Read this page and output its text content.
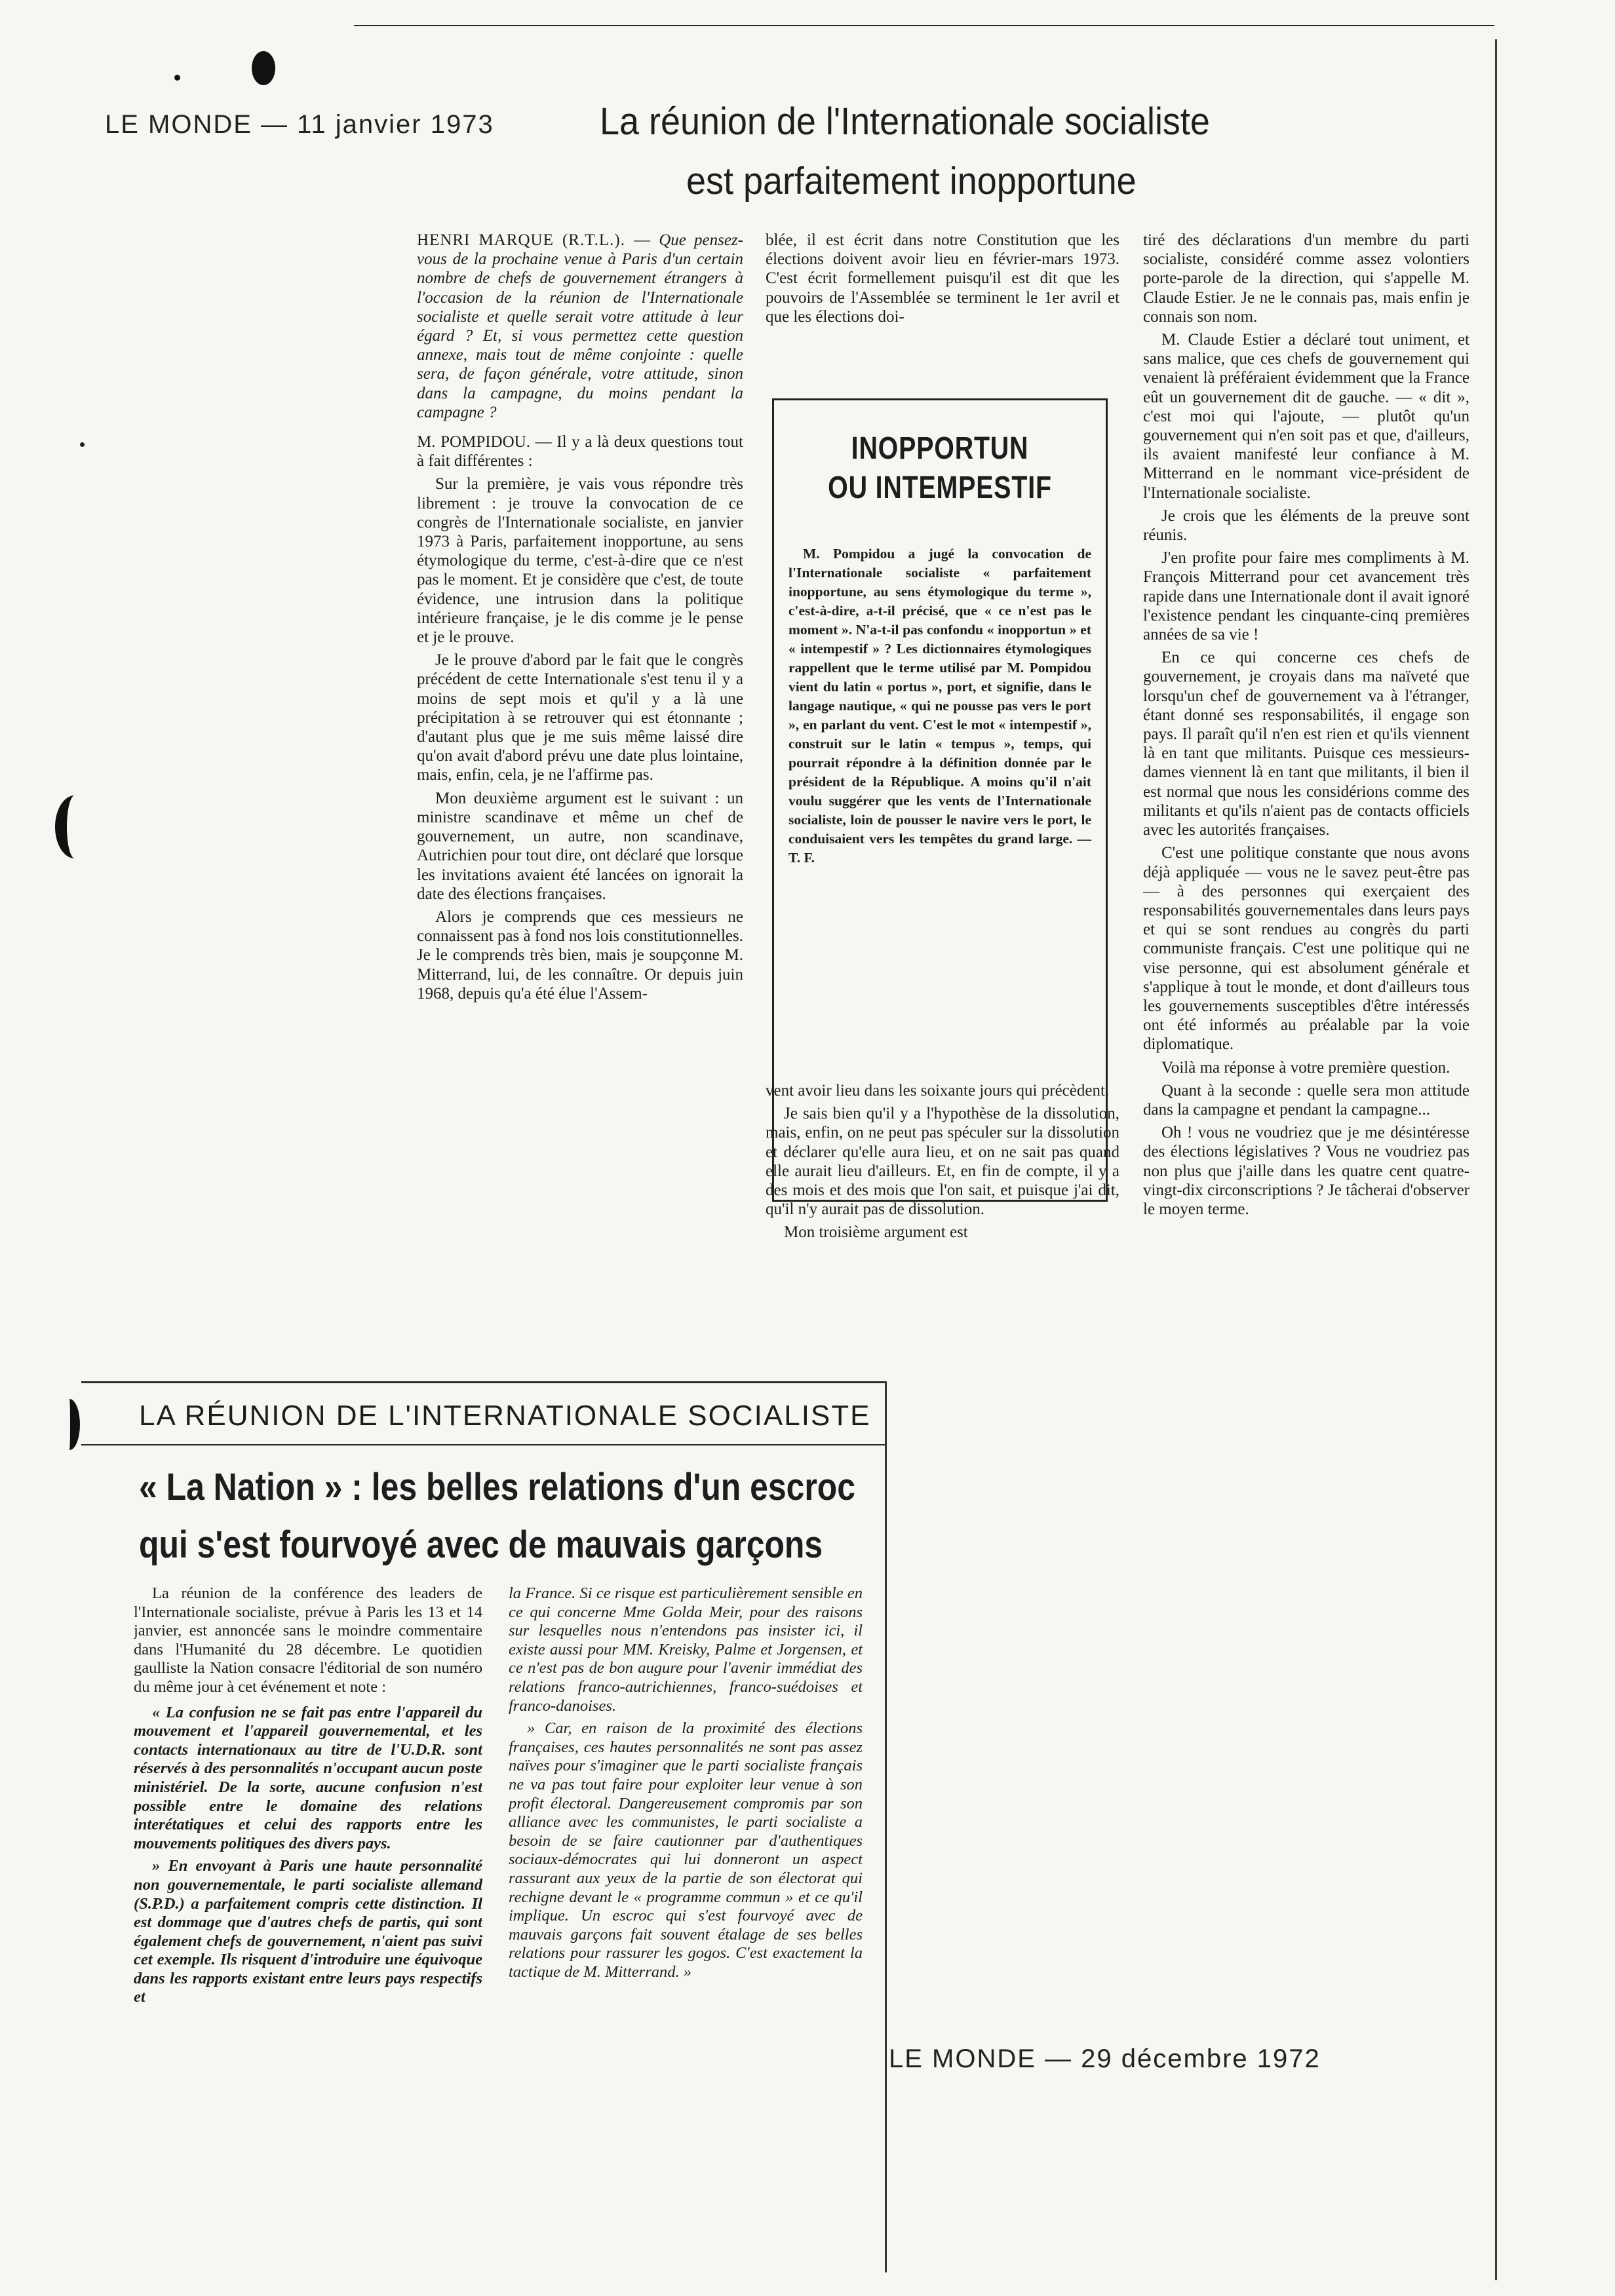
LE MONDE — 11 janvier 1973	La réunion de l'Internationale socialiste
est parfaitement inopportune

HENRI MARQUE (R.T.L.). — Que pensez-vous de la prochaine venue à Paris d'un certain nombre de chefs de gouvernement étrangers à l'occasion de la réunion de l'Internationale socialiste et quelle serait votre attitude à leur égard ? Et, si vous permettez cette question annexe, mais tout de même conjointe : quelle sera, de façon générale, votre attitude, sinon dans la campagne, du moins pendant la campagne ?

M. POMPIDOU. — Il y a là deux questions tout à fait différentes :

Sur la première, je vais vous répondre très librement : je trouve la convocation de ce congrès de l'Internationale socialiste, en janvier 1973 à Paris, parfaitement inopportune, au sens étymologique du terme, c'est-à-dire que ce n'est pas le moment. Et je considère que c'est, de toute évidence, une intrusion dans la politique intérieure française, je le dis comme je le pense et je le prouve.

Je le prouve d'abord par le fait que le congrès précédent de cette Internationale s'est tenu il y a moins de sept mois et qu'il y a là une précipitation à se retrouver qui est étonnante ; d'autant plus que je me suis même laissé dire qu'on avait d'abord prévu une date plus lointaine, mais, enfin, cela, je ne l'affirme pas.

Mon deuxième argument est le suivant : un ministre scandinave et même un chef de gouvernement, un autre, non scandinave, Autrichien pour tout dire, ont déclaré que lorsque les invitations avaient été lancées on ignorait la date des élections françaises.

Alors je comprends que ces messieurs ne connaissent pas à fond nos lois constitutionnelles. Je le comprends très bien, mais je soupçonne M. Mitterrand, lui, de les connaître. Or depuis juin 1968, depuis qu'a été élue l'Assem-

blée, il est écrit dans notre Constitution que les élections doivent avoir lieu en février-mars 1973. C'est écrit formellement puisqu'il est dit que les pouvoirs de l'Assemblée se terminent le 1er avril et que les élections doi-

INOPPORTUN
OU INTEMPESTIF
M. Pompidou a jugé la convocation de l'Internationale socialiste « parfaitement inopportune, au sens étymologique du terme », c'est-à-dire, a-t-il précisé, que « ce n'est pas le moment ». N'a-t-il pas confondu « inopportun » et « intempestif » ? Les dictionnaires étymologiques rappellent que le terme utilisé par M. Pompidou vient du latin « portus », port, et signifie, dans le langage nautique, « qui ne pousse pas vers le port », en parlant du vent. C'est le mot « intempestif », construit sur le latin « tempus », temps, qui pourrait répondre à la définition donnée par le président de la République. A moins qu'il n'ait voulu suggérer que les vents de l'Internationale socialiste, loin de pousser le navire vers le port, le conduisaient vers les tempêtes du grand large. — T. F.

vent avoir lieu dans les soixante jours qui précèdent.

Je sais bien qu'il y a l'hypothèse de la dissolution, mais, enfin, on ne peut pas spéculer sur la dissolution et déclarer qu'elle aura lieu, et on ne sait pas quand elle aurait lieu d'ailleurs. Et, en fin de compte, il y a des mois et des mois que l'on sait, et puisque j'ai dit, qu'il n'y aurait pas de dissolution.

Mon troisième argument est

tiré des déclarations d'un membre du parti socialiste, considéré comme assez volontiers porte-parole de la direction, qui s'appelle M. Claude Estier. Je ne le connais pas, mais enfin je connais son nom.

M. Claude Estier a déclaré tout uniment, et sans malice, que ces chefs de gouvernement qui venaient là préféraient évidemment que la France eût un gouvernement dit de gauche. — « dit », c'est moi qui l'ajoute, — plutôt qu'un gouvernement qui n'en soit pas et que, d'ailleurs, ils avaient manifesté leur confiance à M. Mitterrand en le nommant vice-président de l'Internationale socialiste.

Je crois que les éléments de la preuve sont réunis.

J'en profite pour faire mes compliments à M. François Mitterrand pour cet avancement très rapide dans une Internationale dont il avait ignoré l'existence pendant les cinquante-cinq premières années de sa vie !

En ce qui concerne ces chefs de gouvernement, je croyais dans ma naïveté que lorsqu'un chef de gouvernement va à l'étranger, étant donné ses responsabilités, il engage son pays. Il paraît qu'il n'en est rien et qu'ils viennent là en tant que militants. Puisque ces messieurs-dames viennent là en tant que militants, il bien il est normal que nous les considérions comme des militants et qu'ils n'aient pas de contacts officiels avec les autorités françaises.

C'est une politique constante que nous avons déjà appliquée — vous ne le savez peut-être pas — à des personnes qui exerçaient des responsabilités gouvernementales dans leurs pays et qui se sont rendues au congrès du parti communiste français. C'est une politique qui ne vise personne, qui est absolument générale et s'applique à tout le monde, et dont d'ailleurs tous les gouvernements susceptibles d'être intéressés ont été informés au préalable par la voie diplomatique.

Voilà ma réponse à votre première question.

Quant à la seconde : quelle sera mon attitude dans la campagne et pendant la campagne...

Oh ! vous ne voudriez que je me désintéresse des élections législatives ? Vous ne voudriez pas non plus que j'aille dans les quatre cent quatre-vingt-dix circonscriptions ? Je tâcherai d'observer le moyen terme.

LA RÉUNION DE L'INTERNATIONALE SOCIALISTE
« La Nation » : les belles relations d'un escroc
qui s'est fourvoyé avec de mauvais garçons

La réunion de la conférence des leaders de l'Internationale socialiste, prévue à Paris les 13 et 14 janvier, est annoncée sans le moindre commentaire dans l'Humanité du 28 décembre. Le quotidien gaulliste la Nation consacre l'éditorial de son numéro du même jour à cet événement et note :

« La confusion ne se fait pas entre l'appareil du mouvement et l'appareil gouvernemental, et les contacts internationaux au titre de l'U.D.R. sont réservés à des personnalités n'occupant aucun poste ministériel. De la sorte, aucune confusion n'est possible entre le domaine des relations interétatiques et celui des rapports entre les mouvements politiques des divers pays.

» En envoyant à Paris une haute personnalité non gouvernementale, le parti socialiste allemand (S.P.D.) a parfaitement compris cette distinction. Il est dommage que d'autres chefs de partis, qui sont également chefs de gouvernement, n'aient pas suivi cet exemple. Ils risquent d'introduire une équivoque dans les rapports existant entre leurs pays respectifs et

la France. Si ce risque est particulièrement sensible en ce qui concerne Mme Golda Meir, pour des raisons sur lesquelles nous n'entendons pas insister ici, il existe aussi pour MM. Kreisky, Palme et Jorgensen, et ce n'est pas de bon augure pour l'avenir immédiat des relations franco-autrichiennes, franco-suédoises et franco-danoises.

» Car, en raison de la proximité des élections françaises, ces hautes personnalités ne sont pas assez naïves pour s'imaginer que le parti socialiste français ne va pas tout faire pour exploiter leur venue à son profit électoral. Dangereusement compromis par son alliance avec les communistes, le parti socialiste a besoin de se faire cautionner par d'authentiques sociaux-démocrates qui lui donneront un aspect rassurant aux yeux de la partie de son électorat qui rechigne devant le « programme commun » et ce qu'il implique. Un escroc qui s'est fourvoyé avec de mauvais garçons fait souvent étalage de ses belles relations pour rassurer les gogos. C'est exactement la tactique de M. Mitterrand. »

LE MONDE — 29 décembre 1972
